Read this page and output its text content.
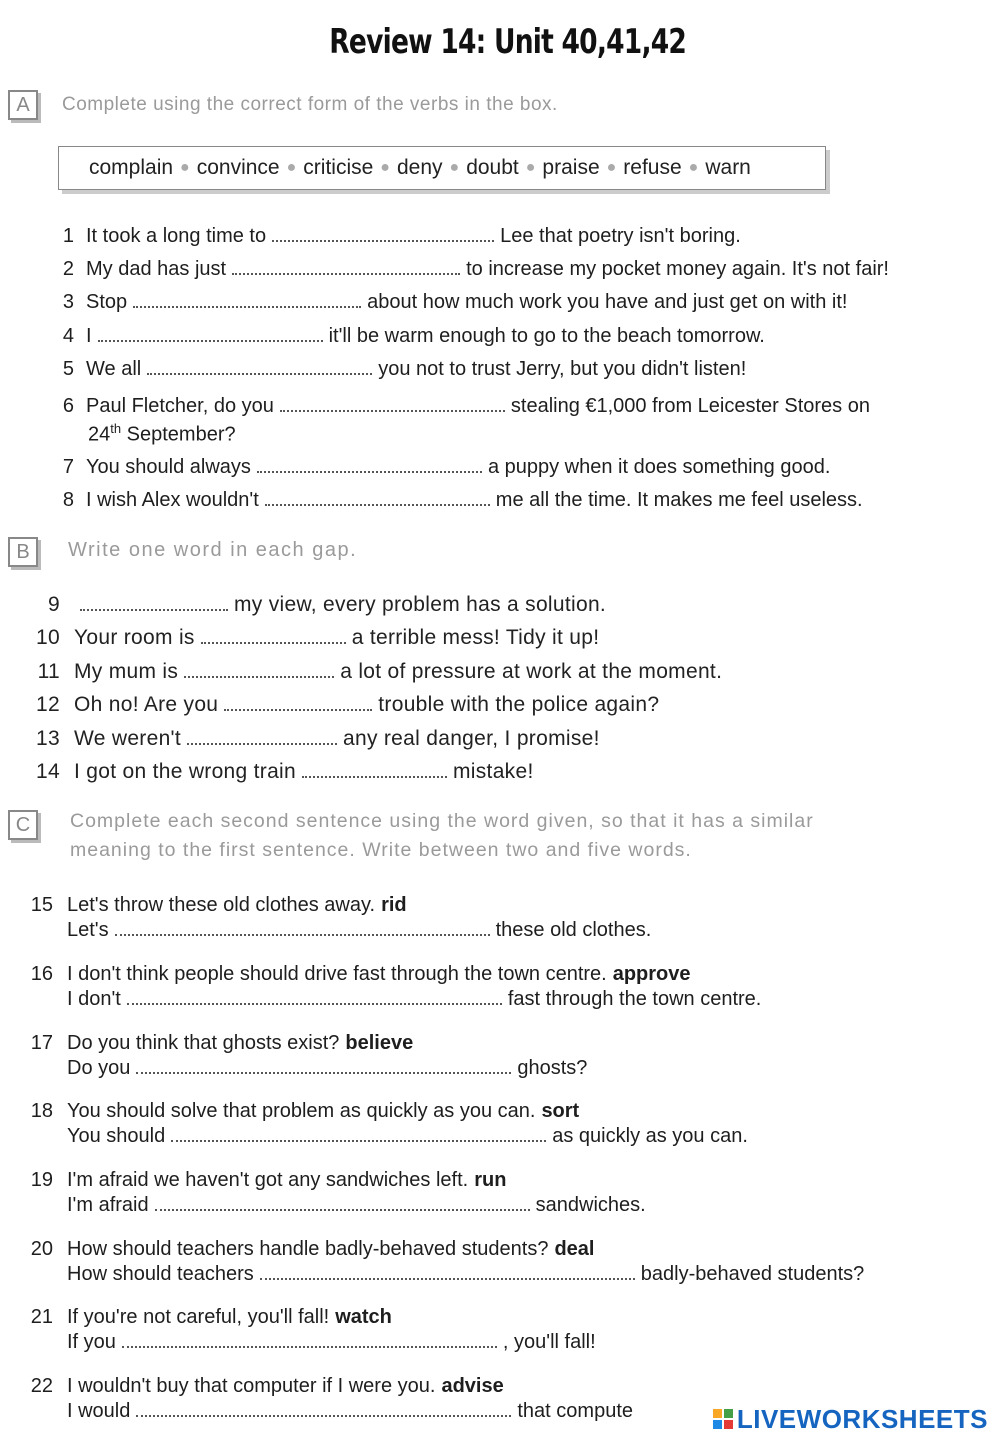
Review 14: Unit 40,41,42
A	Complete using the correct form of the verbs in the box.
complain ● convince ● criticise ● deny ● doubt ● praise ● refuse ● warn
1 It took a long time to	Lee that poetry isn't boring.
2 My dad has just	to increase my pocket money again. It's not fair!
3 Stop	about how much work you have and just get on with it!
4 I	it'll be warm enough to go to the beach tomorrow.
5 We all	you not to trust Jerry, but you didn't listen!
6 Paul Fletcher, do you	stealing €1,000 from Leicester Stores on
24th September?
7 You should always	a puppy when it does something good.
8 I wish Alex wouldn't	me all the time. It makes me feel useless.
B	Write one word in each gap.
9	my view, every problem has a solution.
10 Your room is	a terrible mess! Tidy it up!
11 My mum is	a lot of pressure at work at the moment.
12 Oh no! Are you	trouble with the police again?
13 We weren't	any real danger, I promise!
14 I got on the wrong train	mistake!
C	Complete each second sentence using the word given, so that it has a similar
meaning to the first sentence. Write between two and five words.
15 Let's throw these old clothes away. rid
Let's	these old clothes.
16 I don't think people should drive fast through the town centre. approve
I don't	fast through the town centre.
17 Do you think that ghosts exist? believe
Do you	ghosts?
18 You should solve that problem as quickly as you can. sort
You should	as quickly as you can.
19 I'm afraid we haven't got any sandwiches left. run
I'm afraid	sandwiches.
20 How should teachers handle badly-behaved students? deal
How should teachers	badly-behaved students?
21 If you're not careful, you'll fall! watch
If you	, you'll fall!
22 I wouldn't buy that computer if I were you. advise
I would	that compute	LIVEWORKSHEETS
